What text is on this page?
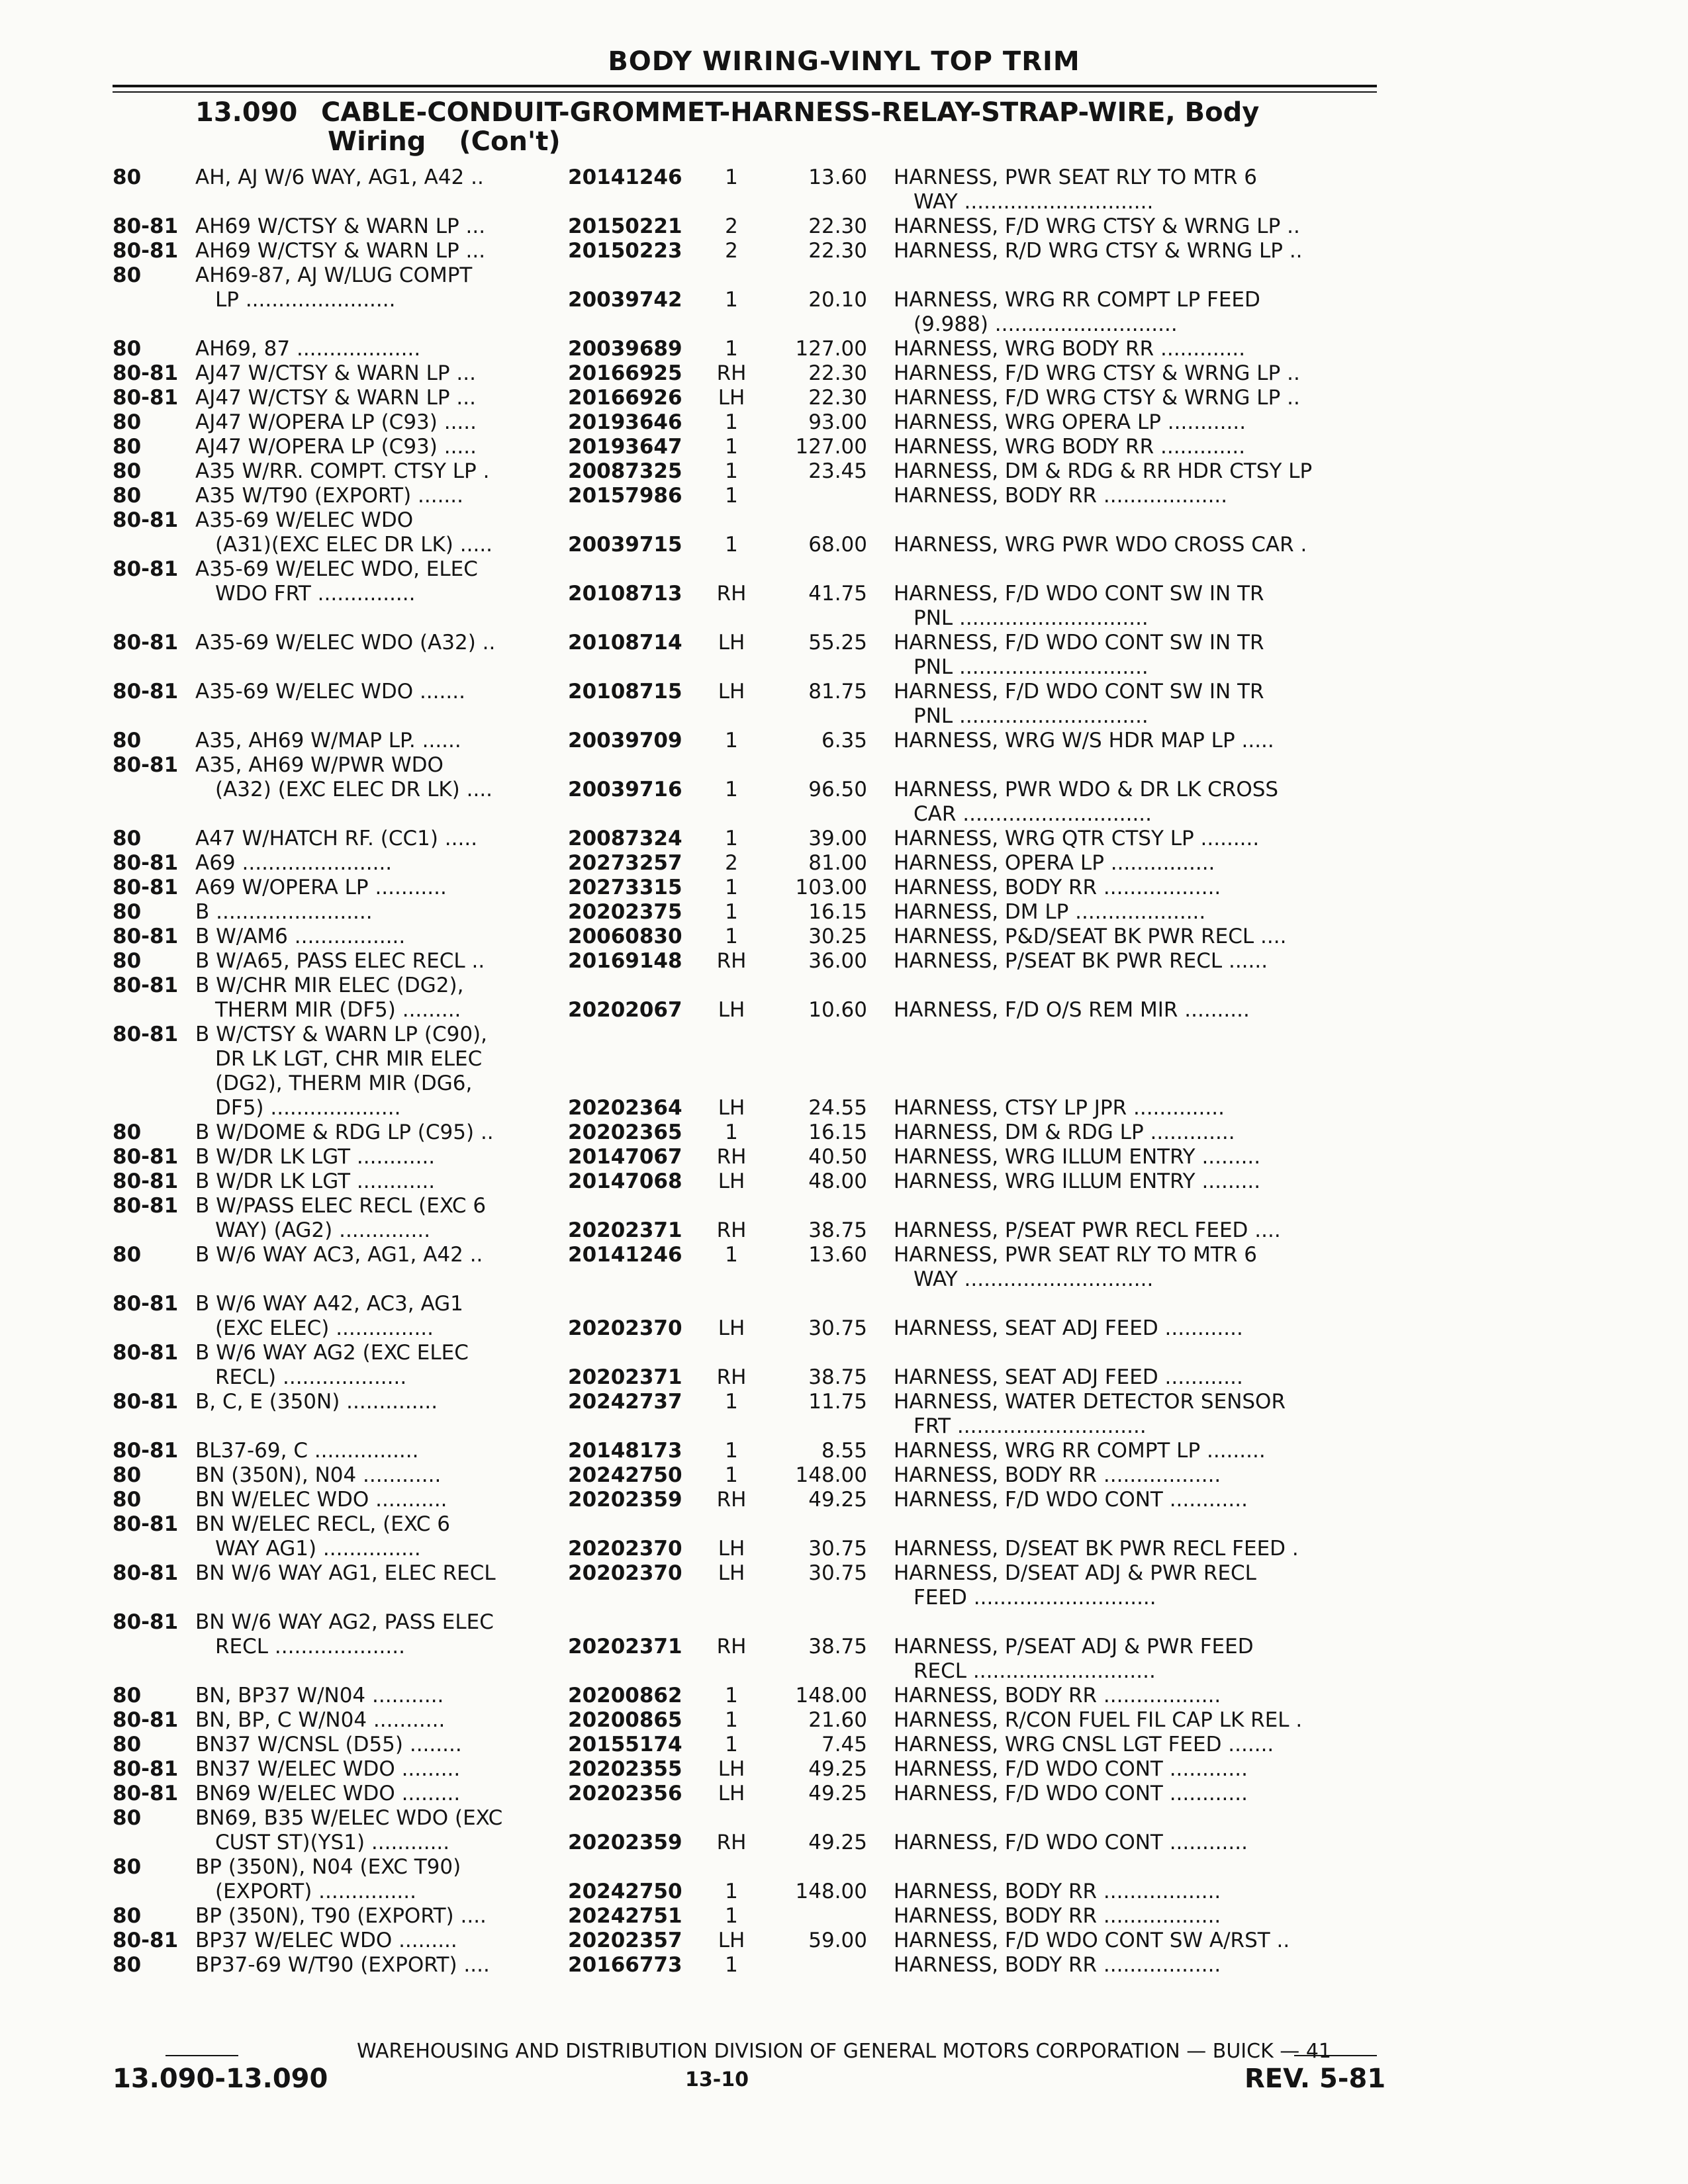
BODY WIRING-VINYL TOP TRIM
13.090 CABLE-CONDUIT-GROMMET-HARNESS-RELAY-STRAP-WIRE, Body
Wiring (Con't)
80	AH, AJ W/6 WAY, AG1, A42 ..	20141246	1	13.60 HARNESS, PWR SEAT RLY TO MTR 6
WAY .............................
80-81 AH69 W/CTSY & WARN LP ...	20150221	2	22.30 HARNESS, F/D WRG CTSY & WRNG LP ..
80-81 AH69 W/CTSY & WARN LP ...	20150223	2	22.30 HARNESS, R/D WRG CTSY & WRNG LP ..
80	AH69-87, AJ W/LUG COMPT
LP .......................	20039742	1	20.10 HARNESS, WRG RR COMPT LP FEED
(9.988) ............................
80	AH69, 87 ...................	20039689	1	127.00 HARNESS, WRG BODY RR .............
80-81 AJ47 W/CTSY & WARN LP ...	20166925	RH	22.30 HARNESS, F/D WRG CTSY & WRNG LP ..
80-81 AJ47 W/CTSY & WARN LP ...	20166926	LH	22.30 HARNESS, F/D WRG CTSY & WRNG LP ..
80	AJ47 W/OPERA LP (C93) .....	20193646	1	93.00 HARNESS, WRG OPERA LP ............
80	AJ47 W/OPERA LP (C93) .....	20193647	1	127.00 HARNESS, WRG BODY RR .............
80	A35 W/RR. COMPT. CTSY LP .	20087325	1	23.45 HARNESS, DM & RDG & RR HDR CTSY LP
80	A35 W/T90 (EXPORT) .......	20157986	1	HARNESS, BODY RR ...................
80-81 A35-69 W/ELEC WDO
(A31)(EXC ELEC DR LK) .....	20039715	1	68.00 HARNESS, WRG PWR WDO CROSS CAR .
80-81 A35-69 W/ELEC WDO, ELEC
WDO FRT ...............	20108713	RH	41.75 HARNESS, F/D WDO CONT SW IN TR
PNL .............................
80-81 A35-69 W/ELEC WDO (A32) ..	20108714	LH	55.25 HARNESS, F/D WDO CONT SW IN TR
PNL .............................
80-81 A35-69 W/ELEC WDO .......	20108715	LH	81.75 HARNESS, F/D WDO CONT SW IN TR
PNL .............................
80	A35, AH69 W/MAP LP. ......	20039709	1	6.35 HARNESS, WRG W/S HDR MAP LP .....
80-81 A35, AH69 W/PWR WDO
(A32) (EXC ELEC DR LK) ....	20039716	1	96.50 HARNESS, PWR WDO & DR LK CROSS
CAR .............................
80	A47 W/HATCH RF. (CC1) .....	20087324	1	39.00 HARNESS, WRG QTR CTSY LP .........
80-81 A69 .......................	20273257	2	81.00 HARNESS, OPERA LP ................
80-81 A69 W/OPERA LP ...........	20273315	1	103.00 HARNESS, BODY RR ..................
80	B ........................	20202375	1	16.15 HARNESS, DM LP ....................
80-81 B W/AM6 .................	20060830	1	30.25 HARNESS, P&D/SEAT BK PWR RECL ....
80	B W/A65, PASS ELEC RECL ..	20169148	RH	36.00 HARNESS, P/SEAT BK PWR RECL ......
80-81 B W/CHR MIR ELEC (DG2),
THERM MIR (DF5) .........	20202067	LH	10.60 HARNESS, F/D O/S REM MIR ..........
80-81 B W/CTSY & WARN LP (C90),
DR LK LGT, CHR MIR ELEC
(DG2), THERM MIR (DG6,
DF5) ....................	20202364	LH	24.55 HARNESS, CTSY LP JPR ..............
80	B W/DOME & RDG LP (C95) ..	20202365	1	16.15 HARNESS, DM & RDG LP .............
80-81 B W/DR LK LGT ............	20147067	RH	40.50 HARNESS, WRG ILLUM ENTRY .........
80-81 B W/DR LK LGT ............	20147068	LH	48.00 HARNESS, WRG ILLUM ENTRY .........
80-81 B W/PASS ELEC RECL (EXC 6
WAY) (AG2) ..............	20202371	RH	38.75 HARNESS, P/SEAT PWR RECL FEED ....
80	B W/6 WAY AC3, AG1, A42 ..	20141246	1	13.60 HARNESS, PWR SEAT RLY TO MTR 6
WAY .............................
80-81 B W/6 WAY A42, AC3, AG1
(EXC ELEC) ...............	20202370	LH	30.75 HARNESS, SEAT ADJ FEED ............
80-81 B W/6 WAY AG2 (EXC ELEC
RECL) ...................	20202371	RH	38.75 HARNESS, SEAT ADJ FEED ............
80-81 B, C, E (350N) ..............	20242737	1	11.75 HARNESS, WATER DETECTOR SENSOR
FRT .............................
80-81 BL37-69, C ................	20148173	1	8.55 HARNESS, WRG RR COMPT LP .........
80	BN (350N), N04 ............	20242750	1	148.00 HARNESS, BODY RR ..................
80	BN W/ELEC WDO ...........	20202359	RH	49.25 HARNESS, F/D WDO CONT ............
80-81 BN W/ELEC RECL, (EXC 6
WAY AG1) ...............	20202370	LH	30.75 HARNESS, D/SEAT BK PWR RECL FEED .
80-81 BN W/6 WAY AG1, ELEC RECL	20202370	LH	30.75 HARNESS, D/SEAT ADJ & PWR RECL
FEED ............................
80-81 BN W/6 WAY AG2, PASS ELEC
RECL ....................	20202371	RH	38.75 HARNESS, P/SEAT ADJ & PWR FEED
RECL ............................
80	BN, BP37 W/N04 ...........	20200862	1	148.00 HARNESS, BODY RR ..................
80-81 BN, BP, C W/N04 ...........	20200865	1	21.60 HARNESS, R/CON FUEL FIL CAP LK REL .
80	BN37 W/CNSL (D55) ........	20155174	1	7.45 HARNESS, WRG CNSL LGT FEED .......
80-81 BN37 W/ELEC WDO .........	20202355	LH	49.25 HARNESS, F/D WDO CONT ............
80-81 BN69 W/ELEC WDO .........	20202356	LH	49.25 HARNESS, F/D WDO CONT ............
80	BN69, B35 W/ELEC WDO (EXC
CUST ST)(YS1) ............	20202359	RH	49.25 HARNESS, F/D WDO CONT ............
80	BP (350N), N04 (EXC T90)
(EXPORT) ...............	20242750	1	148.00 HARNESS, BODY RR ..................
80	BP (350N), T90 (EXPORT) ....	20242751	1	HARNESS, BODY RR ..................
80-81 BP37 W/ELEC WDO .........	20202357	LH	59.00 HARNESS, F/D WDO CONT SW A/RST ..
80	BP37-69 W/T90 (EXPORT) ....	20166773	1	HARNESS, BODY RR ..................
WAREHOUSING AND DISTRIBUTION DIVISION OF GENERAL MOTORS CORPORATION — BUICK — 41
13.090-13.090	13-10	REV. 5-81
